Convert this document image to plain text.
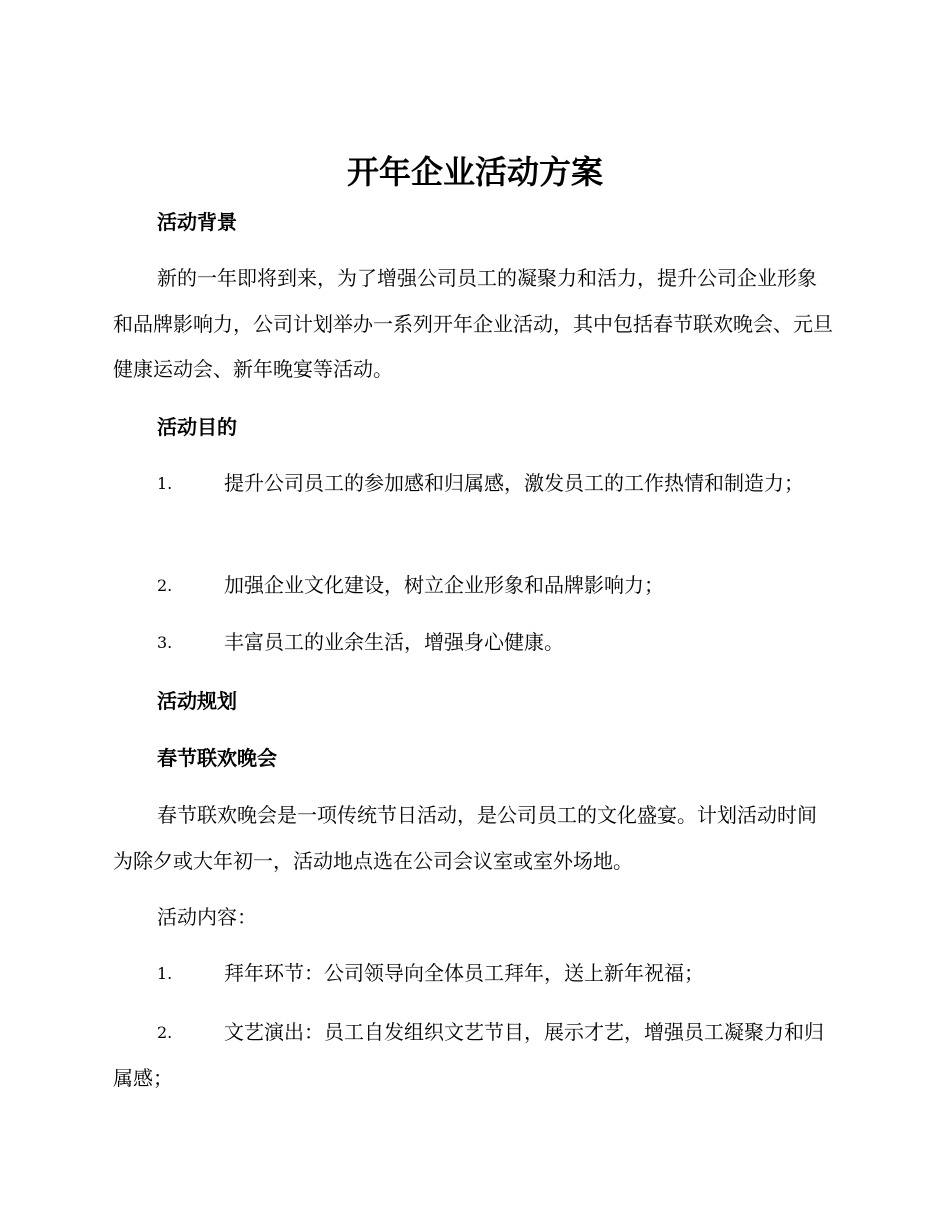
开年企业活动方案
活动背景
新的一年即将到来，为了增强公司员工的凝聚力和活力，提升公司企业形象和品牌影响力，公司计划举办一系列开年企业活动，其中包括春节联欢晚会、元旦健康运动会、新年晚宴等活动。
活动目的
1.	提升公司员工的参加感和归属感，激发员工的工作热情和制造力；
2.	加强企业文化建设，树立企业形象和品牌影响力；
3.	丰富员工的业余生活，增强身心健康。
活动规划
春节联欢晚会
春节联欢晚会是一项传统节日活动，是公司员工的文化盛宴。计划活动时间为除夕或大年初一，活动地点选在公司会议室或室外场地。
活动内容：
1.	拜年环节：公司领导向全体员工拜年，送上新年祝福；
2.	文艺演出：员工自发组织文艺节目，展示才艺，增强员工凝聚力和归属感；
